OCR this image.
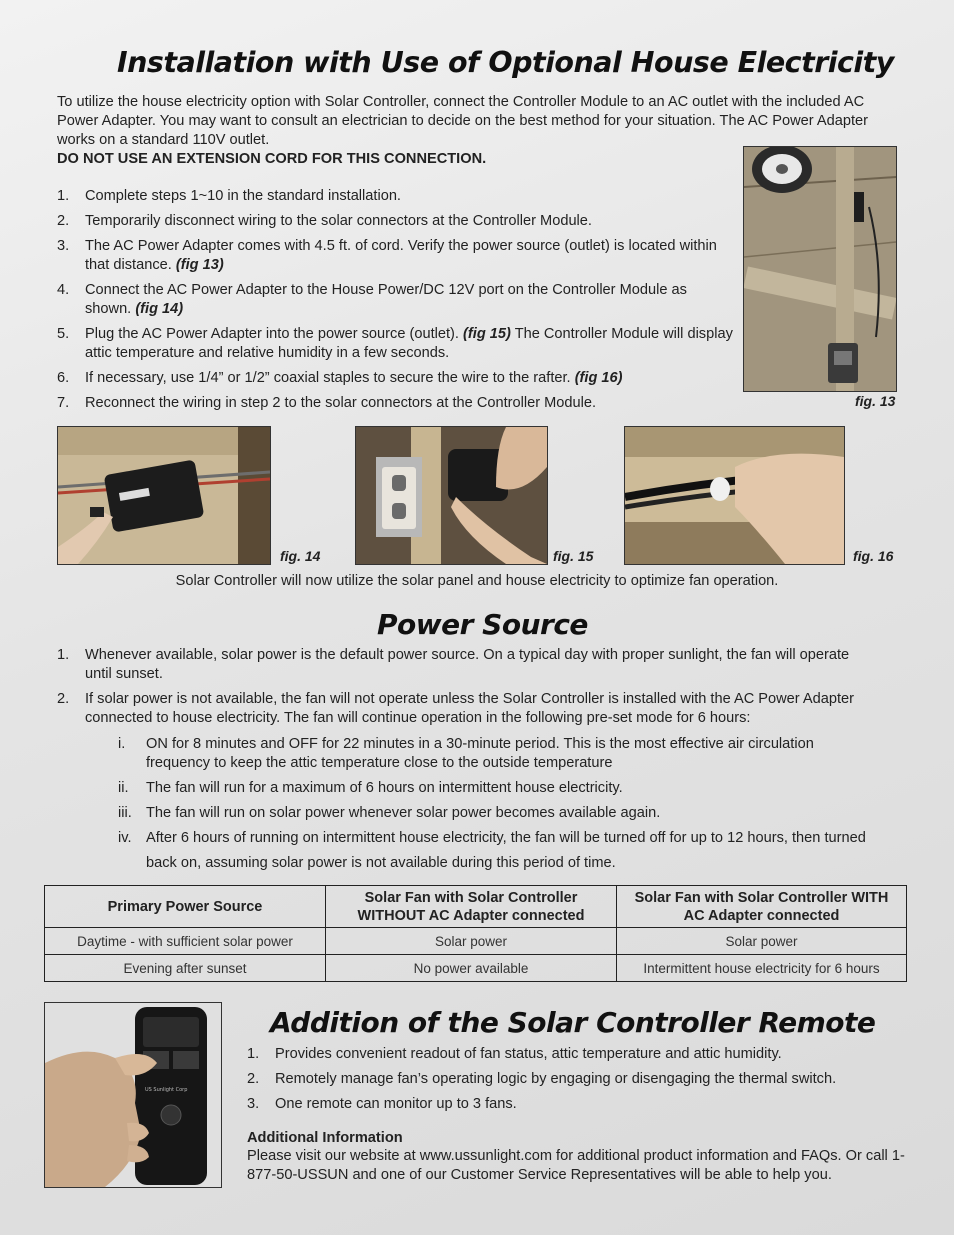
Installation with Use of Optional House Electricity
To utilize the house electricity option with Solar Controller, connect the Controller Module to an AC outlet with the included AC Power Adapter. You may want to consult an electrician to decide on the best method for your situation. The AC Power Adapter works on a standard 110V outlet.
DO NOT USE AN EXTENSION CORD FOR THIS CONNECTION.
1. Complete steps 1~10 in the standard installation.
2. Temporarily disconnect wiring to the solar connectors at the Controller Module.
3. The AC Power Adapter comes with 4.5 ft. of cord. Verify the power source (outlet) is located within that distance. (fig 13)
4. Connect the AC Power Adapter to the House Power/DC 12V port on the Controller Module as shown. (fig 14)
5. Plug the AC Power Adapter into the power source (outlet). (fig 15) The Controller Module will display attic temperature and relative humidity in a few seconds.
6. If necessary, use 1/4” or 1/2” coaxial staples to secure the wire to the rafter. (fig 16)
7. Reconnect the wiring in step 2 to the solar connectors at the Controller Module.	fig. 13
fig. 14	fig. 15	fig. 16
Solar Controller will now utilize the solar panel and house electricity to optimize fan operation.
Power Source
1. Whenever available, solar power is the default power source. On a typical day with proper sunlight, the fan will operate until sunset.
2. If solar power is not available, the fan will not operate unless the Solar Controller is installed with the AC Power Adapter connected to house electricity. The fan will continue operation in the following pre-set mode for 6 hours:
i. ON for 8 minutes and OFF for 22 minutes in a 30-minute period. This is the most effective air circulation frequency to keep the attic temperature close to the outside temperature
ii. The fan will run for a maximum of 6 hours on intermittent house electricity.
iii. The fan will run on solar power whenever solar power becomes available again.
iv. After 6 hours of running on intermittent house electricity, the fan will be turned off for up to 12 hours, then turned back on, assuming solar power is not available during this period of time.
Primary Power Source	Solar Fan with Solar Controller WITHOUT AC Adapter connected	Solar Fan with Solar Controller WITH AC Adapter connected
Daytime - with sufficient solar power	Solar power	Solar power
Evening after sunset	No power available	Intermittent house electricity for 6 hours
US Sunlight Corp
Addition of the Solar Controller Remote
1. Provides convenient readout of fan status, attic temperature and attic humidity.
2. Remotely manage fan’s operating logic by engaging or disengaging the thermal switch.
3. One remote can monitor up to 3 fans.
Additional Information
Please visit our website at www.ussunlight.com for additional product information and FAQs. Or call 1-877-50-USSUN and one of our Customer Service Representatives will be able to help you.
